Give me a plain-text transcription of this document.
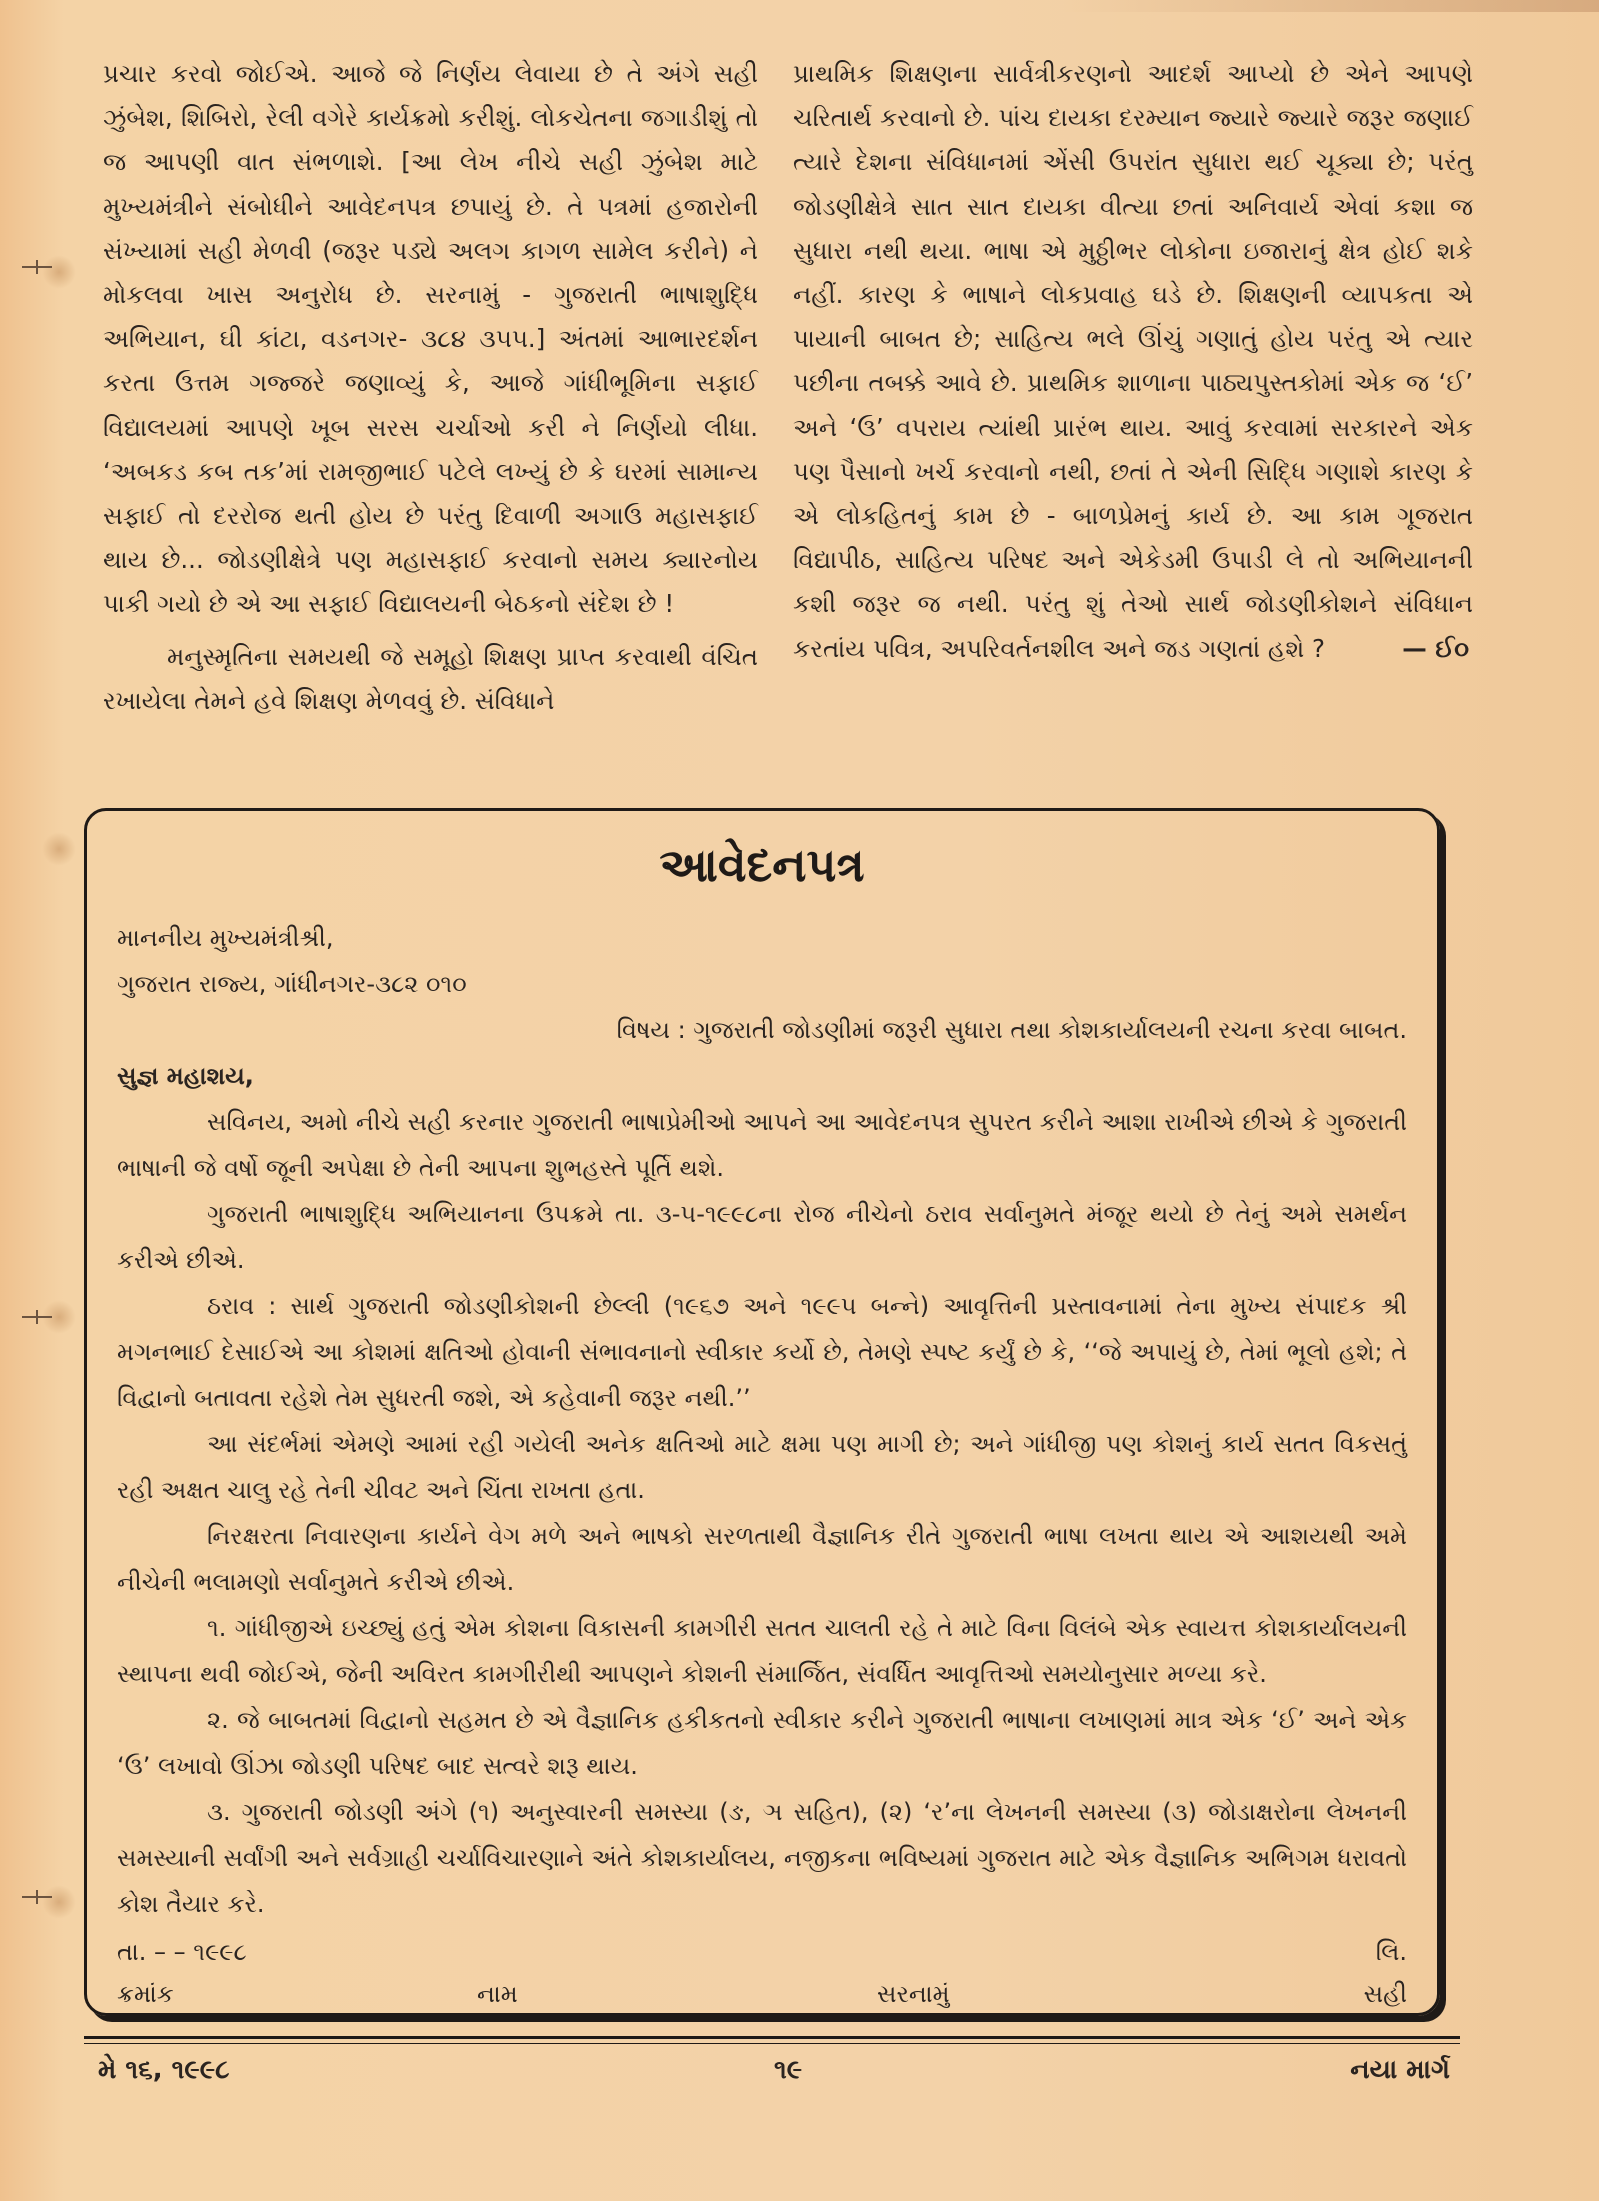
પ્રચાર કરવો જોઈએ. આજે જે નિર્ણય લેવાયા છે તે અંગે સહી ઝુંબેશ, શિબિરો, રેલી વગેરે કાર્યક્રમો કરીશું. લોકચેતના જગાડીશું તો જ આપણી વાત સંભળાશે. [આ લેખ નીચે સહી ઝુંબેશ માટે મુખ્યમંત્રીને સંબોધીને આવેદનપત્ર છપાયું છે. તે પત્રમાં હજારોની સંખ્યામાં સહી મેળવી (જરૂર પડ્યે અલગ કાગળ સામેલ કરીને) ને મોકલવા ખાસ અનુરોધ છે. સરનામું - ગુજરાતી ભાષાશુદ્ધિ અભિયાન, ઘી કાંટા, વડનગર- ૩૮૪ ૩૫૫.] અંતમાં આભારદર્શન કરતા ઉત્તમ ગજ્જરે જણાવ્યું કે, આજે ગાંધીભૂમિના સફાઈ વિદ્યાલયમાં આપણે ખૂબ સરસ ચર્ચાઓ કરી ને નિર્ણયો લીધા. ‘અબકડ કબ તક’માં રામજીભાઈ પટેલે લખ્યું છે કે ઘરમાં સામાન્ય સફાઈ તો દરરોજ થતી હોય છે પરંતુ દિવાળી અગાઉ મહાસફાઈ થાય છે... જોડણીક્ષેત્રે પણ મહાસફાઈ કરવાનો સમય ક્યારનોય પાકી ગયો છે એ આ સફાઈ વિદ્યાલયની બેઠકનો સંદેશ છે !

મનુસ્મૃતિના સમયથી જે સમૂહો શિક્ષણ પ્રાપ્ત કરવાથી વંચિત રખાયેલા તેમને હવે શિક્ષણ મેળવવું છે. સંવિધાને

પ્રાથમિક શિક્ષણના સાર્વત્રીકરણનો આદર્શ આપ્યો છે એને આપણે ચરિતાર્થ કરવાનો છે. પાંચ દાયકા દરમ્યાન જ્યારે જ્યારે જરૂર જણાઈ ત્યારે દેશના સંવિધાનમાં એંસી ઉપરાંત સુધારા થઈ ચૂક્યા છે; પરંતુ જોડણીક્ષેત્રે સાત સાત દાયકા વીત્યા છતાં અનિવાર્ય એવાં કશા જ સુધારા નથી થયા. ભાષા એ મુઠ્ઠીભર લોકોના ઇજારાનું ક્ષેત્ર હોઈ શકે નહીં. કારણ કે ભાષાને લોકપ્રવાહ ઘડે છે. શિક્ષણની વ્યાપકતા એ પાયાની બાબત છે; સાહિત્ય ભલે ઊંચું ગણાતું હોય પરંતુ એ ત્યાર પછીના તબક્કે આવે છે. પ્રાથમિક શાળાના પાઠ્યપુસ્તકોમાં એક જ ‘ઈ’ અને ‘ઉ’ વપરાય ત્યાંથી પ્રારંભ થાય. આવું કરવામાં સરકારને એક પણ પૈસાનો ખર્ચ કરવાનો નથી, છતાં તે એની સિદ્ધિ ગણાશે કારણ કે એ લોકહિતનું કામ છે - બાળપ્રેમનું કાર્ય છે. આ કામ ગૂજરાત વિદ્યાપીઠ, સાહિત્ય પરિષદ અને એકેડમી ઉપાડી લે તો અભિયાનની કશી જરૂર જ નથી. પરંતુ શું તેઓ સાર્થ જોડણીકોશને સંવિધાન કરતાંય પવિત્ર, અપરિવર્તનશીલ અને જડ ગણતાં હશે ?	— ઈ૦
આવેદનપત્ર

માનનીય મુખ્યમંત્રીશ્રી,

ગુજરાત રાજ્ય, ગાંધીનગર-૩૮૨ ૦૧૦

વિષય : ગુજરાતી જોડણીમાં જરૂરી સુધારા તથા કોશકાર્યાલયની રચના કરવા બાબત.

સુજ્ઞ મહાશય,

સવિનય, અમો નીચે સહી કરનાર ગુજરાતી ભાષાપ્રેમીઓ આપને આ આવેદનપત્ર સુપરત કરીને આશા રાખીએ છીએ કે ગુજરાતી ભાષાની જે વર્ષો જૂની અપેક્ષા છે તેની આપના શુભહસ્તે પૂર્તિ થશે.

ગુજરાતી ભાષાશુદ્ધિ અભિયાનના ઉપક્રમે તા. ૩-૫-૧૯૯૮ના રોજ નીચેનો ઠરાવ સર્વાનુમતે મંજૂર થયો છે તેનું અમે સમર્થન કરીએ છીએ.

ઠરાવ : સાર્થ ગુજરાતી જોડણીકોશની છેલ્લી (૧૯૬૭ અને ૧૯૯૫ બન્ને) આવૃત્તિની પ્રસ્તાવનામાં તેના મુખ્ય સંપાદક શ્રી મગનભાઈ દેસાઈએ આ કોશમાં ક્ષતિઓ હોવાની સંભાવનાનો સ્વીકાર કર્યો છે, તેમણે સ્પષ્ટ કર્યું છે કે, ‘‘જે અપાયું છે, તેમાં ભૂલો હશે; તે વિદ્વાનો બતાવતા રહેશે તેમ સુધરતી જશે, એ કહેવાની જરૂર નથી.’’

આ સંદર્ભમાં એમણે આમાં રહી ગયેલી અનેક ક્ષતિઓ માટે ક્ષમા પણ માગી છે; અને ગાંધીજી પણ કોશનું કાર્ય સતત વિકસતું રહી અક્ષત ચાલુ રહે તેની ચીવટ અને ચિંતા રાખતા હતા.

નિરક્ષરતા નિવારણના કાર્યને વેગ મળે અને ભાષકો સરળતાથી વૈજ્ઞાનિક રીતે ગુજરાતી ભાષા લખતા થાય એ આશયથી અમે નીચેની ભલામણો સર્વાનુમતે કરીએ છીએ.

૧. ગાંધીજીએ ઇચ્છ્યું હતું એમ કોશના વિકાસની કામગીરી સતત ચાલતી રહે તે માટે વિના વિલંબે એક સ્વાયત્ત કોશકાર્યાલયની સ્થાપના થવી જોઈએ, જેની અવિરત કામગીરીથી આપણને કોશની સંમાર્જિત, સંવર્ધિત આવૃત્તિઓ સમયોનુસાર મળ્યા કરે.

૨. જે બાબતમાં વિદ્વાનો સહમત છે એ વૈજ્ઞાનિક હકીકતનો સ્વીકાર કરીને ગુજરાતી ભાષાના લખાણમાં માત્ર એક ‘ઈ’ અને એક ‘ઉ’ લખાવો ઊંઝા જોડણી પરિષદ બાદ સત્વરે શરૂ થાય.

૩. ગુજરાતી જોડણી અંગે (૧) અનુસ્વારની સમસ્યા (ઙ, ઞ સહિત), (૨) ‘ર’ના લેખનની સમસ્યા (૩) જોડાક્ષરોના લેખનની સમસ્યાની સર્વાંગી અને સર્વગ્રાહી ચર્ચાવિચારણાને અંતે કોશકાર્યાલય, નજીકના ભવિષ્યમાં ગુજરાત માટે એક વૈજ્ઞાનિક અભિગમ ધરાવતો કોશ તૈયાર કરે.

તા. – – ૧૯૯૮	લિ.
ક્રમાંક	નામ	સરનામું	સહી
મે ૧૬, ૧૯૯૮	૧૯	નયા માર્ગ
